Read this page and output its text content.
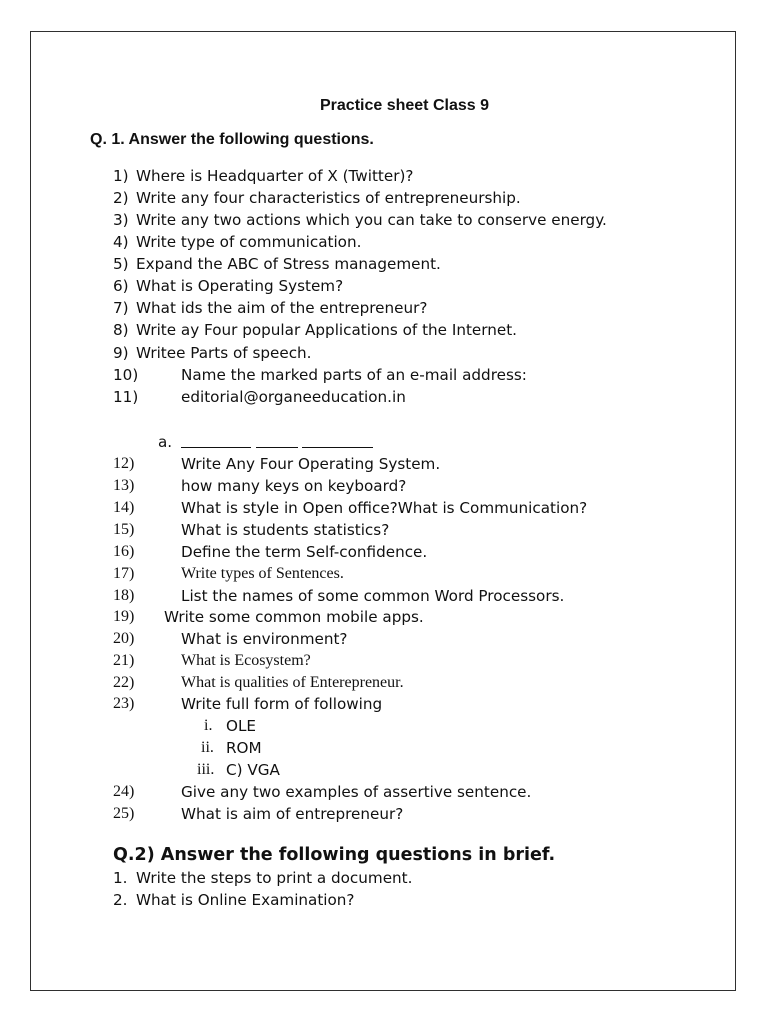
Practice sheet Class 9
Q. 1. Answer the following questions.
1) Where is Headquarter of X (Twitter)?
2) Write any four characteristics of entrepreneurship.
3) Write any two actions which you can take to conserve energy.
4) Write type of communication.
5) Expand the ABC of Stress management.
6) What is Operating System?
7) What ids the aim of the entrepreneur?
8) Write ay Four popular Applications of the Internet.
9) Writee Parts of speech.
10)	Name the marked parts of an e-mail address:
11)	editorial@organeeducation.in
a.
12)	Write Any Four Operating System.
13)	how many keys on keyboard?
14)	What is style in Open office?What is Communication?
15)	What is students statistics?
16)	Define the term Self-confidence.
17)	Write types of Sentences.
18)	List the names of some common Word Processors.
19) Write some common mobile apps.
20)	What is environment?
21)	What is Ecosystem?
22)	What is qualities of Enterepreneur.
23)	Write full form of following
i. OLE
ii. ROM
iii. C) VGA
24)	Give any two examples of assertive sentence.
25)	What is aim of entrepreneur?
Q.2) Answer the following questions in brief.
1. Write the steps to print a document.
2. What is Online Examination?
